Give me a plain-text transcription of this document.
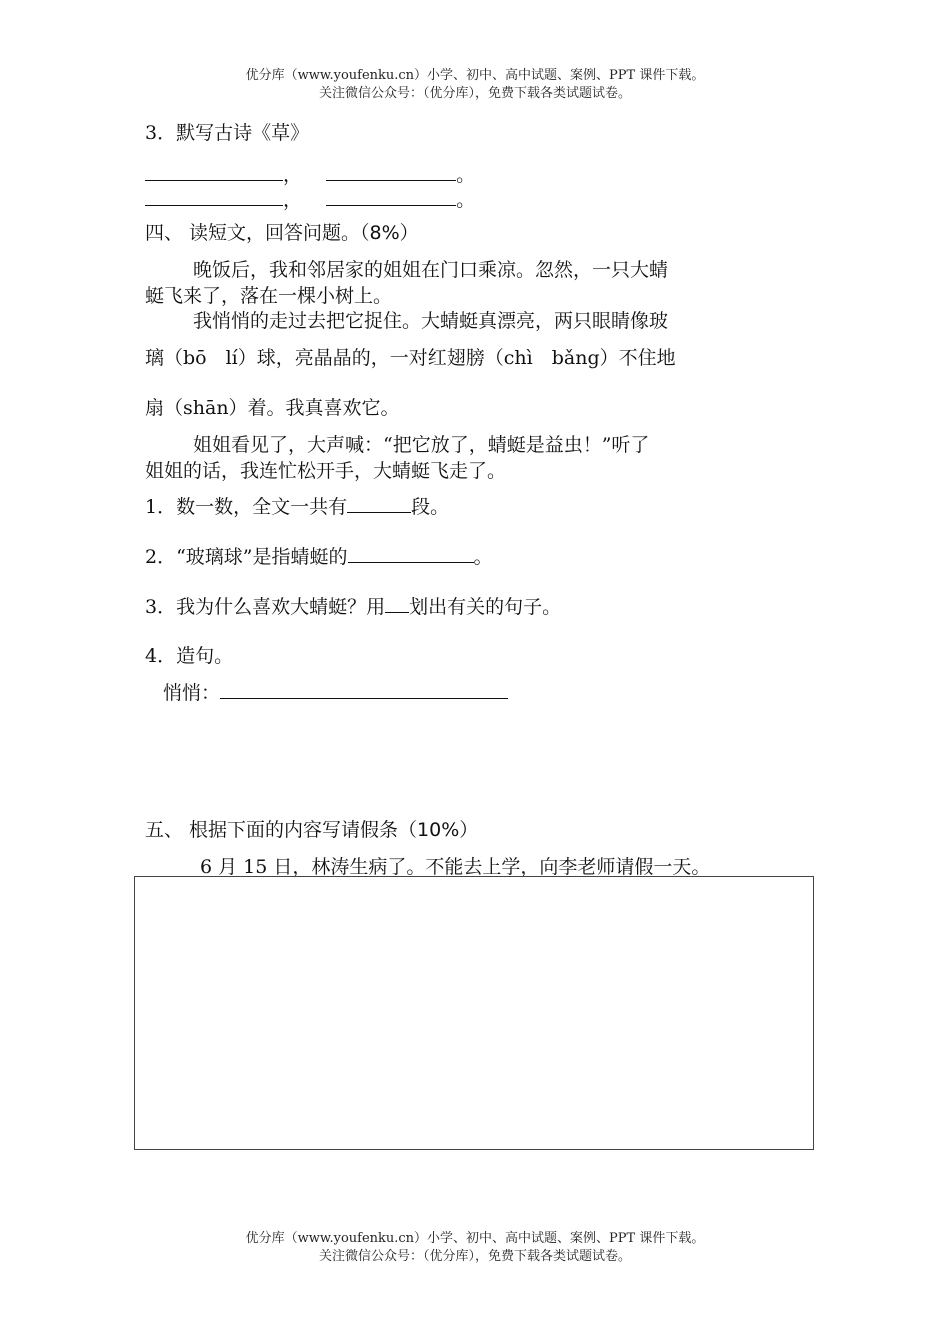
优分库（www.youfenku.cn）小学、初中、高中试题、案例、PPT 课件下载。
关注微信公众号：（优分库），免费下载各类试题试卷。
3．默写古诗《草》
，	。
，	。
四、 读短文，回答问题。（8%）
晚饭后，我和邻居家的姐姐在门口乘凉。忽然，一只大蜻
蜓飞来了，落在一棵小树上。
我悄悄的走过去把它捉住。大蜻蜓真漂亮，两只眼睛像玻
璃（bō　lí）球，亮晶晶的，一对红翅膀（chì　bǎng）不住地
扇（shān）着。我真喜欢它。
姐姐看见了，大声喊：“把它放了，蜻蜓是益虫！”听了
姐姐的话，我连忙松开手，大蜻蜓飞走了。
1．数一数，全文一共有	段。
2．“玻璃球”是指蜻蜓的	。
3．我为什么喜欢大蜻蜓？用 划出有关的句子。
4．造句。
悄悄：
五、 根据下面的内容写请假条（10%）
6 月 15 日，林涛生病了。不能去上学，向李老师请假一天。
优分库（www.youfenku.cn）小学、初中、高中试题、案例、PPT 课件下载。
关注微信公众号：（优分库），免费下载各类试题试卷。
